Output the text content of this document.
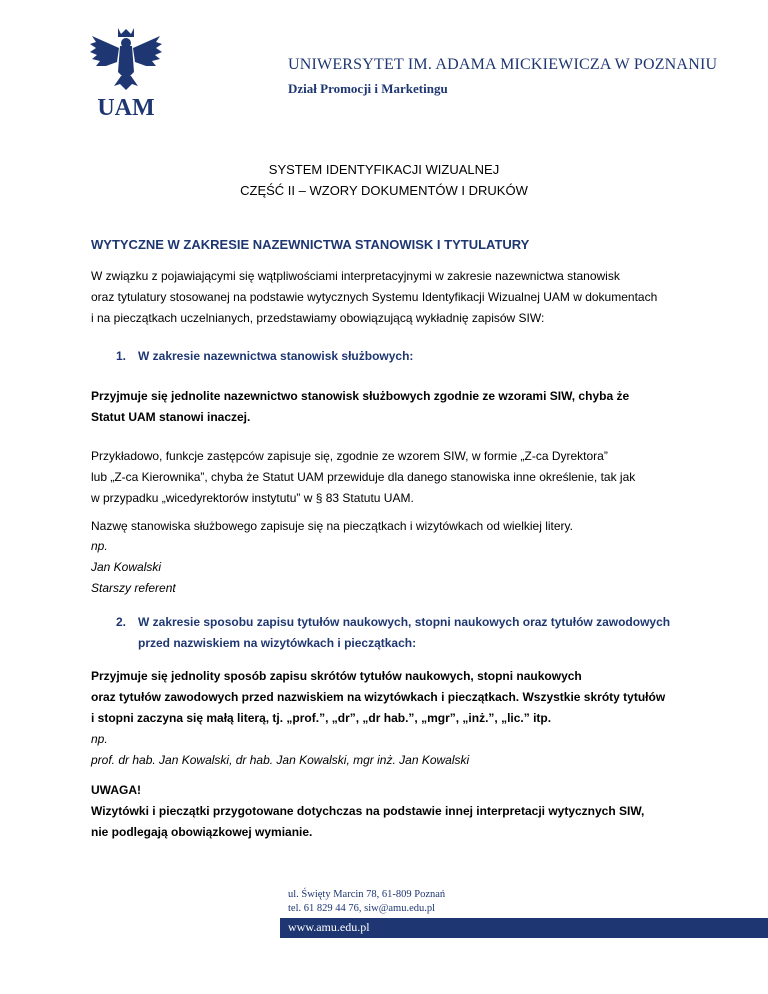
UAM
UNIWERSYTET IM. ADAMA MICKIEWICZA W POZNANIU
Dział Promocji i Marketingu
SYSTEM IDENTYFIKACJI WIZUALNEJ
CZĘŚĆ II – WZORY DOKUMENTÓW I DRUKÓW
WYTYCZNE W ZAKRESIE NAZEWNICTWA STANOWISK I TYTULATURY
W związku z pojawiającymi się wątpliwościami interpretacyjnymi w zakresie nazewnictwa stanowisk
oraz tytulatury stosowanej na podstawie wytycznych Systemu Identyfikacji Wizualnej UAM w dokumentach
i na pieczątkach uczelnianych, przedstawiamy obowiązującą wykładnię zapisów SIW:
1. W zakresie nazewnictwa stanowisk służbowych:
Przyjmuje się jednolite nazewnictwo stanowisk służbowych zgodnie ze wzorami SIW, chyba że
Statut UAM stanowi inaczej.
Przykładowo, funkcje zastępców zapisuje się, zgodnie ze wzorem SIW, w formie „Z-ca Dyrektora”
lub „Z-ca Kierownika”, chyba że Statut UAM przewiduje dla danego stanowiska inne określenie, tak jak
w przypadku „wicedyrektorów instytutu” w § 83 Statutu UAM.
Nazwę stanowiska służbowego zapisuje się na pieczątkach i wizytówkach od wielkiej litery.
np.
Jan Kowalski
Starszy referent
2. W zakresie sposobu zapisu tytułów naukowych, stopni naukowych oraz tytułów zawodowych
przed nazwiskiem na wizytówkach i pieczątkach:
Przyjmuje się jednolity sposób zapisu skrótów tytułów naukowych, stopni naukowych
oraz tytułów zawodowych przed nazwiskiem na wizytówkach i pieczątkach. Wszystkie skróty tytułów
i stopni zaczyna się małą literą, tj. „prof.”, „dr”, „dr hab.”, „mgr”, „inż.”, „lic.” itp.
np.
prof. dr hab. Jan Kowalski, dr hab. Jan Kowalski, mgr inż. Jan Kowalski
UWAGA!
Wizytówki i pieczątki przygotowane dotychczas na podstawie innej interpretacji wytycznych SIW,
nie podlegają obowiązkowej wymianie.
ul. Święty Marcin 78, 61-809 Poznań
tel. 61 829 44 76, siw@amu.edu.pl
www.amu.edu.pl
